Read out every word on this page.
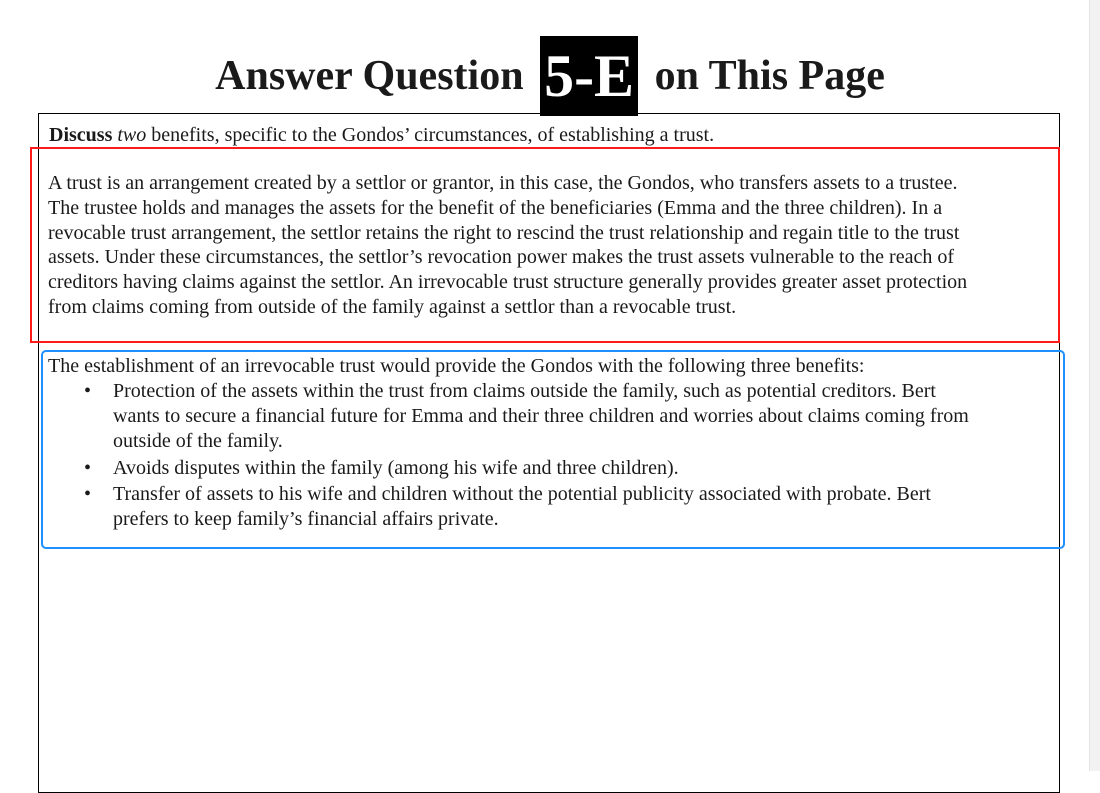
Answer Question 5-E on This Page
Discuss two benefits, specific to the Gondos’ circumstances, of establishing a trust.
A trust is an arrangement created by a settlor or grantor, in this case, the Gondos, who transfers assets to a trustee.
The trustee holds and manages the assets for the benefit of the beneficiaries (Emma and the three children). In a
revocable trust arrangement, the settlor retains the right to rescind the trust relationship and regain title to the trust
assets. Under these circumstances, the settlor’s revocation power makes the trust assets vulnerable to the reach of
creditors having claims against the settlor. An irrevocable trust structure generally provides greater asset protection
from claims coming from outside of the family against a settlor than a revocable trust.
The establishment of an irrevocable trust would provide the Gondos with the following three benefits:
• Protection of the assets within the trust from claims outside the family, such as potential creditors. Bert
wants to secure a financial future for Emma and their three children and worries about claims coming from
outside of the family.
• Avoids disputes within the family (among his wife and three children).
• Transfer of assets to his wife and children without the potential publicity associated with probate. Bert
prefers to keep family’s financial affairs private.
